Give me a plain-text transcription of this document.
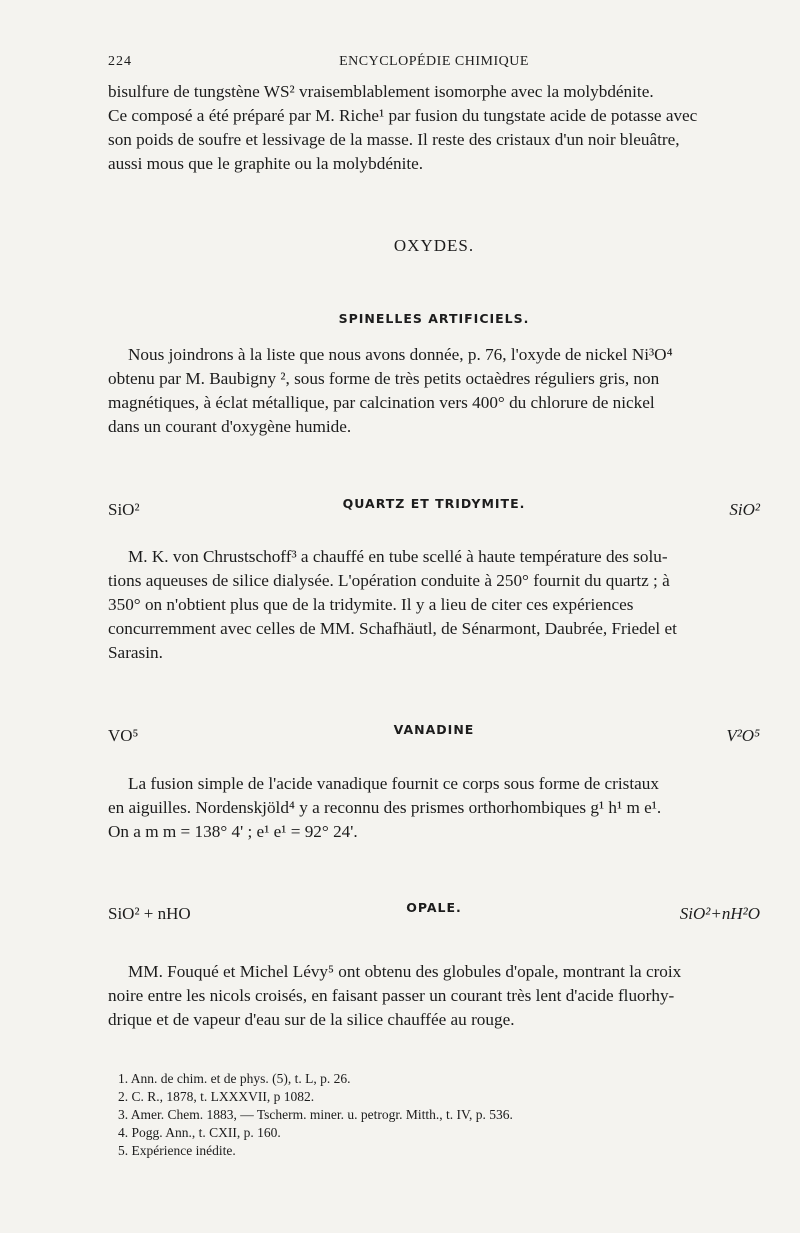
224	ENCYCLOPÉDIE CHIMIQUE

bisulfure de tungstène WS² vraisemblablement isomorphe avec la molybdénite.

Ce composé a été préparé par M. Riche¹ par fusion du tungstate acide de potasse avec

son poids de soufre et lessivage de la masse. Il reste des cristaux d'un noir bleuâtre,

aussi mous que le graphite ou la molybdénite.

OXYDES.
SPINELLES ARTIFICIELS.

Nous joindrons à la liste que nous avons donnée, p. 76, l'oxyde de nickel Ni³O⁴

obtenu par M. Baubigny ², sous forme de très petits octaèdres réguliers gris, non

magnétiques, à éclat métallique, par calcination vers 400° du chlorure de nickel

dans un courant d'oxygène humide.

SiO²	QUARTZ ET TRIDYMITE.	SiO²

M. K. von Chrustschoff³ a chauffé en tube scellé à haute température des solu-

tions aqueuses de silice dialysée. L'opération conduite à 250° fournit du quartz ; à

350° on n'obtient plus que de la tridymite. Il y a lieu de citer ces expériences

concurremment avec celles de MM. Schafhäutl, de Sénarmont, Daubrée, Friedel et

Sarasin.

VO⁵	VANADINE	V²O⁵

La fusion simple de l'acide vanadique fournit ce corps sous forme de cristaux

en aiguilles. Nordenskjöld⁴ y a reconnu des prismes orthorhombiques g¹ h¹ m e¹.

On a m m = 138° 4' ; e¹ e¹ = 92° 24'.

SiO² + nHO	OPALE.	SiO²+nH²O

MM. Fouqué et Michel Lévy⁵ ont obtenu des globules d'opale, montrant la croix

noire entre les nicols croisés, en faisant passer un courant très lent d'acide fluorhy-

drique et de vapeur d'eau sur de la silice chauffée au rouge.

1. Ann. de chim. et de phys. (5), t. L, p. 26.
2. C. R., 1878, t. LXXXVII, p 1082.
3. Amer. Chem. 1883, — Tscherm. miner. u. petrogr. Mitth., t. IV, p. 536.
4. Pogg. Ann., t. CXII, p. 160.
5. Expérience inédite.
